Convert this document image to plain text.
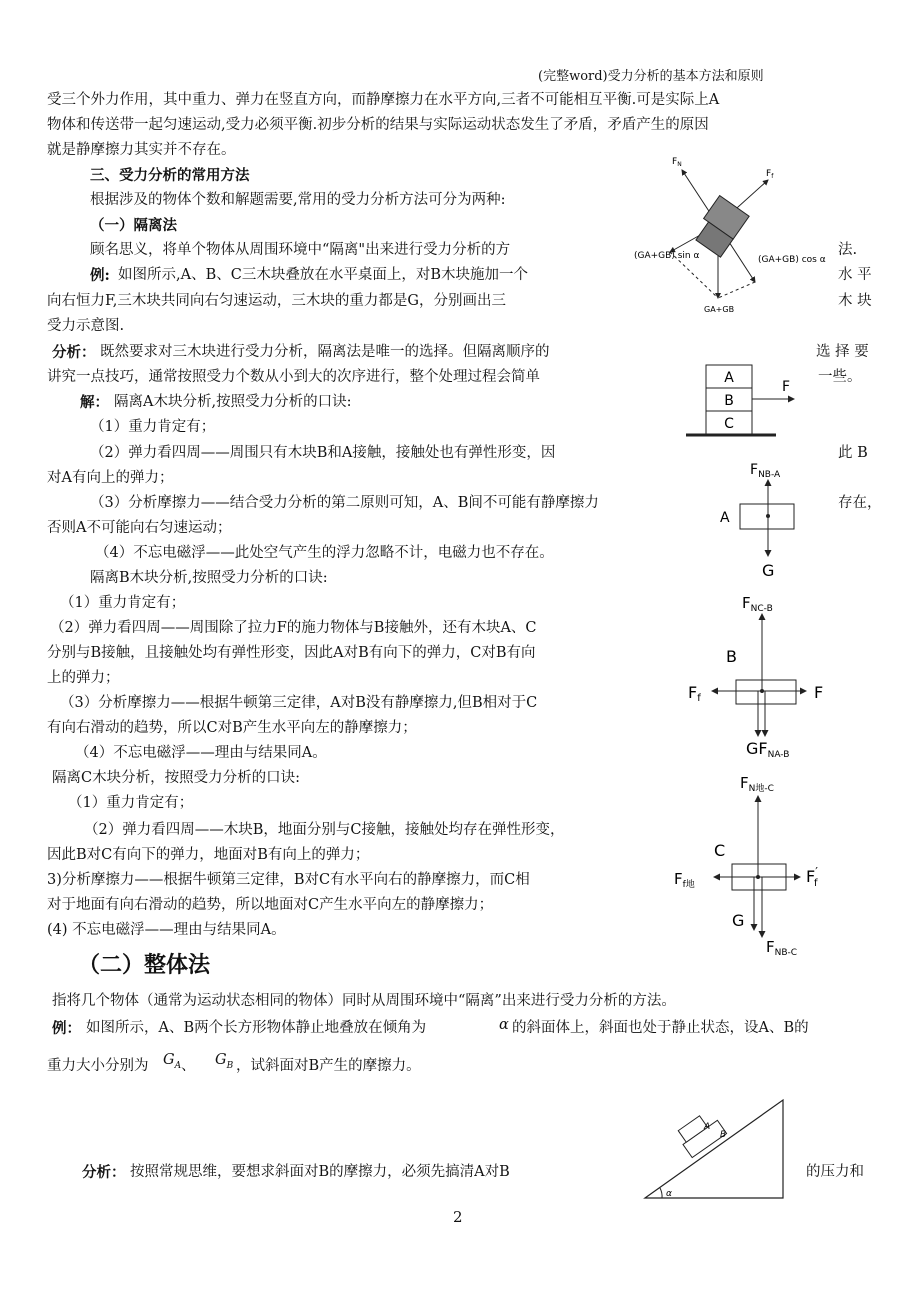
(完整word)受力分析的基本方法和原则
受三个外力作用，其中重力、弹力在竖直方向，而静摩擦力在水平方向,三者不可能相互平衡.可是实际上A
物体和传送带一起匀速运动,受力必须平衡.初步分析的结果与实际运动状态发生了矛盾，矛盾产生的原因
就是静摩擦力其实并不存在。
三、受力分析的常用方法
根据涉及的物体个数和解题需要,常用的受力分析方法可分为两种:
（一）隔离法
顾名思义，将单个物体从周围环境中“隔离"出来进行受力分析的方	法.
例: 如图所示,A、B、C三木块叠放在水平桌面上，对B木块施加一个	水 平
向右恒力F,三木块共同向右匀速运动，三木块的重力都是G，分别画出三	木 块
受力示意图.
分析： 既然要求对三木块进行受力分析，隔离法是唯一的选择。但隔离顺序的	选 择 要
讲究一点技巧，通常按照受力个数从小到大的次序进行，整个处理过程会简单	一些。
解： 隔离A木块分析,按照受力分析的口诀:
（1）重力肯定有；
（2）弹力看四周——周围只有木块B和A接触，接触处也有弹性形变，因	此 B
对A有向上的弹力；
（3）分析摩擦力——结合受力分析的第二原则可知，A、B间不可能有静摩擦力	存在，
否则A不可能向右匀速运动；
（4）不忘电磁浮——此处空气产生的浮力忽略不计，电磁力也不存在。
隔离B木块分析,按照受力分析的口诀:
（1）重力肯定有；
（2）弹力看四周——周围除了拉力F的施力物体与B接触外，还有木块A、C
分别与B接触，且接触处均有弹性形变，因此A对B有向下的弹力，C对B有向
上的弹力；
（3）分析摩擦力——根据牛顿第三定律，A对B没有静摩擦力,但B相对于C
有向右滑动的趋势，所以C对B产生水平向左的静摩擦力；
（4）不忘电磁浮——理由与结果同A。
隔离C木块分析，按照受力分析的口诀:
（1）重力肯定有；
（2）弹力看四周——木块B，地面分别与C接触，接触处均存在弹性形变，
因此B对C有向下的弹力，地面对B有向上的弹力；
3)分析摩擦力——根据牛顿第三定律，B对C有水平向右的静摩擦力，而C相
对于地面有向右滑动的趋势，所以地面对C产生水平向左的静摩擦力；
(4) 不忘电磁浮——理由与结果同A。
（二）整体法
指将几个物体（通常为运动状态相同的物体）同时从周围环境中“隔离”出来进行受力分析的方法。
例： 如图所示，A、B两个长方形物体静止地叠放在倾角为	α 的斜面体上，斜面也处于静止状态，设A、B的
重力大小分别为 $G_A$ 、 $G_B$ ，试斜面对B产生的摩擦力。
分析： 按照常规思维，要想求斜面对B的摩擦力，必须先搞清A对B	的压力和
2
$F_N$
$F_f$
(GA+GB) sin α	(GA+GB) cos α
GA+GB
A
B
C
F
$F_{NB-A}$
A
G
$F_{NC-B}$
B
Ff	F
GFNA-B
$F_{N地-C}$
C
$F_{f地}$	F′ f
G
$F_{NB-C}$
A
B
α
